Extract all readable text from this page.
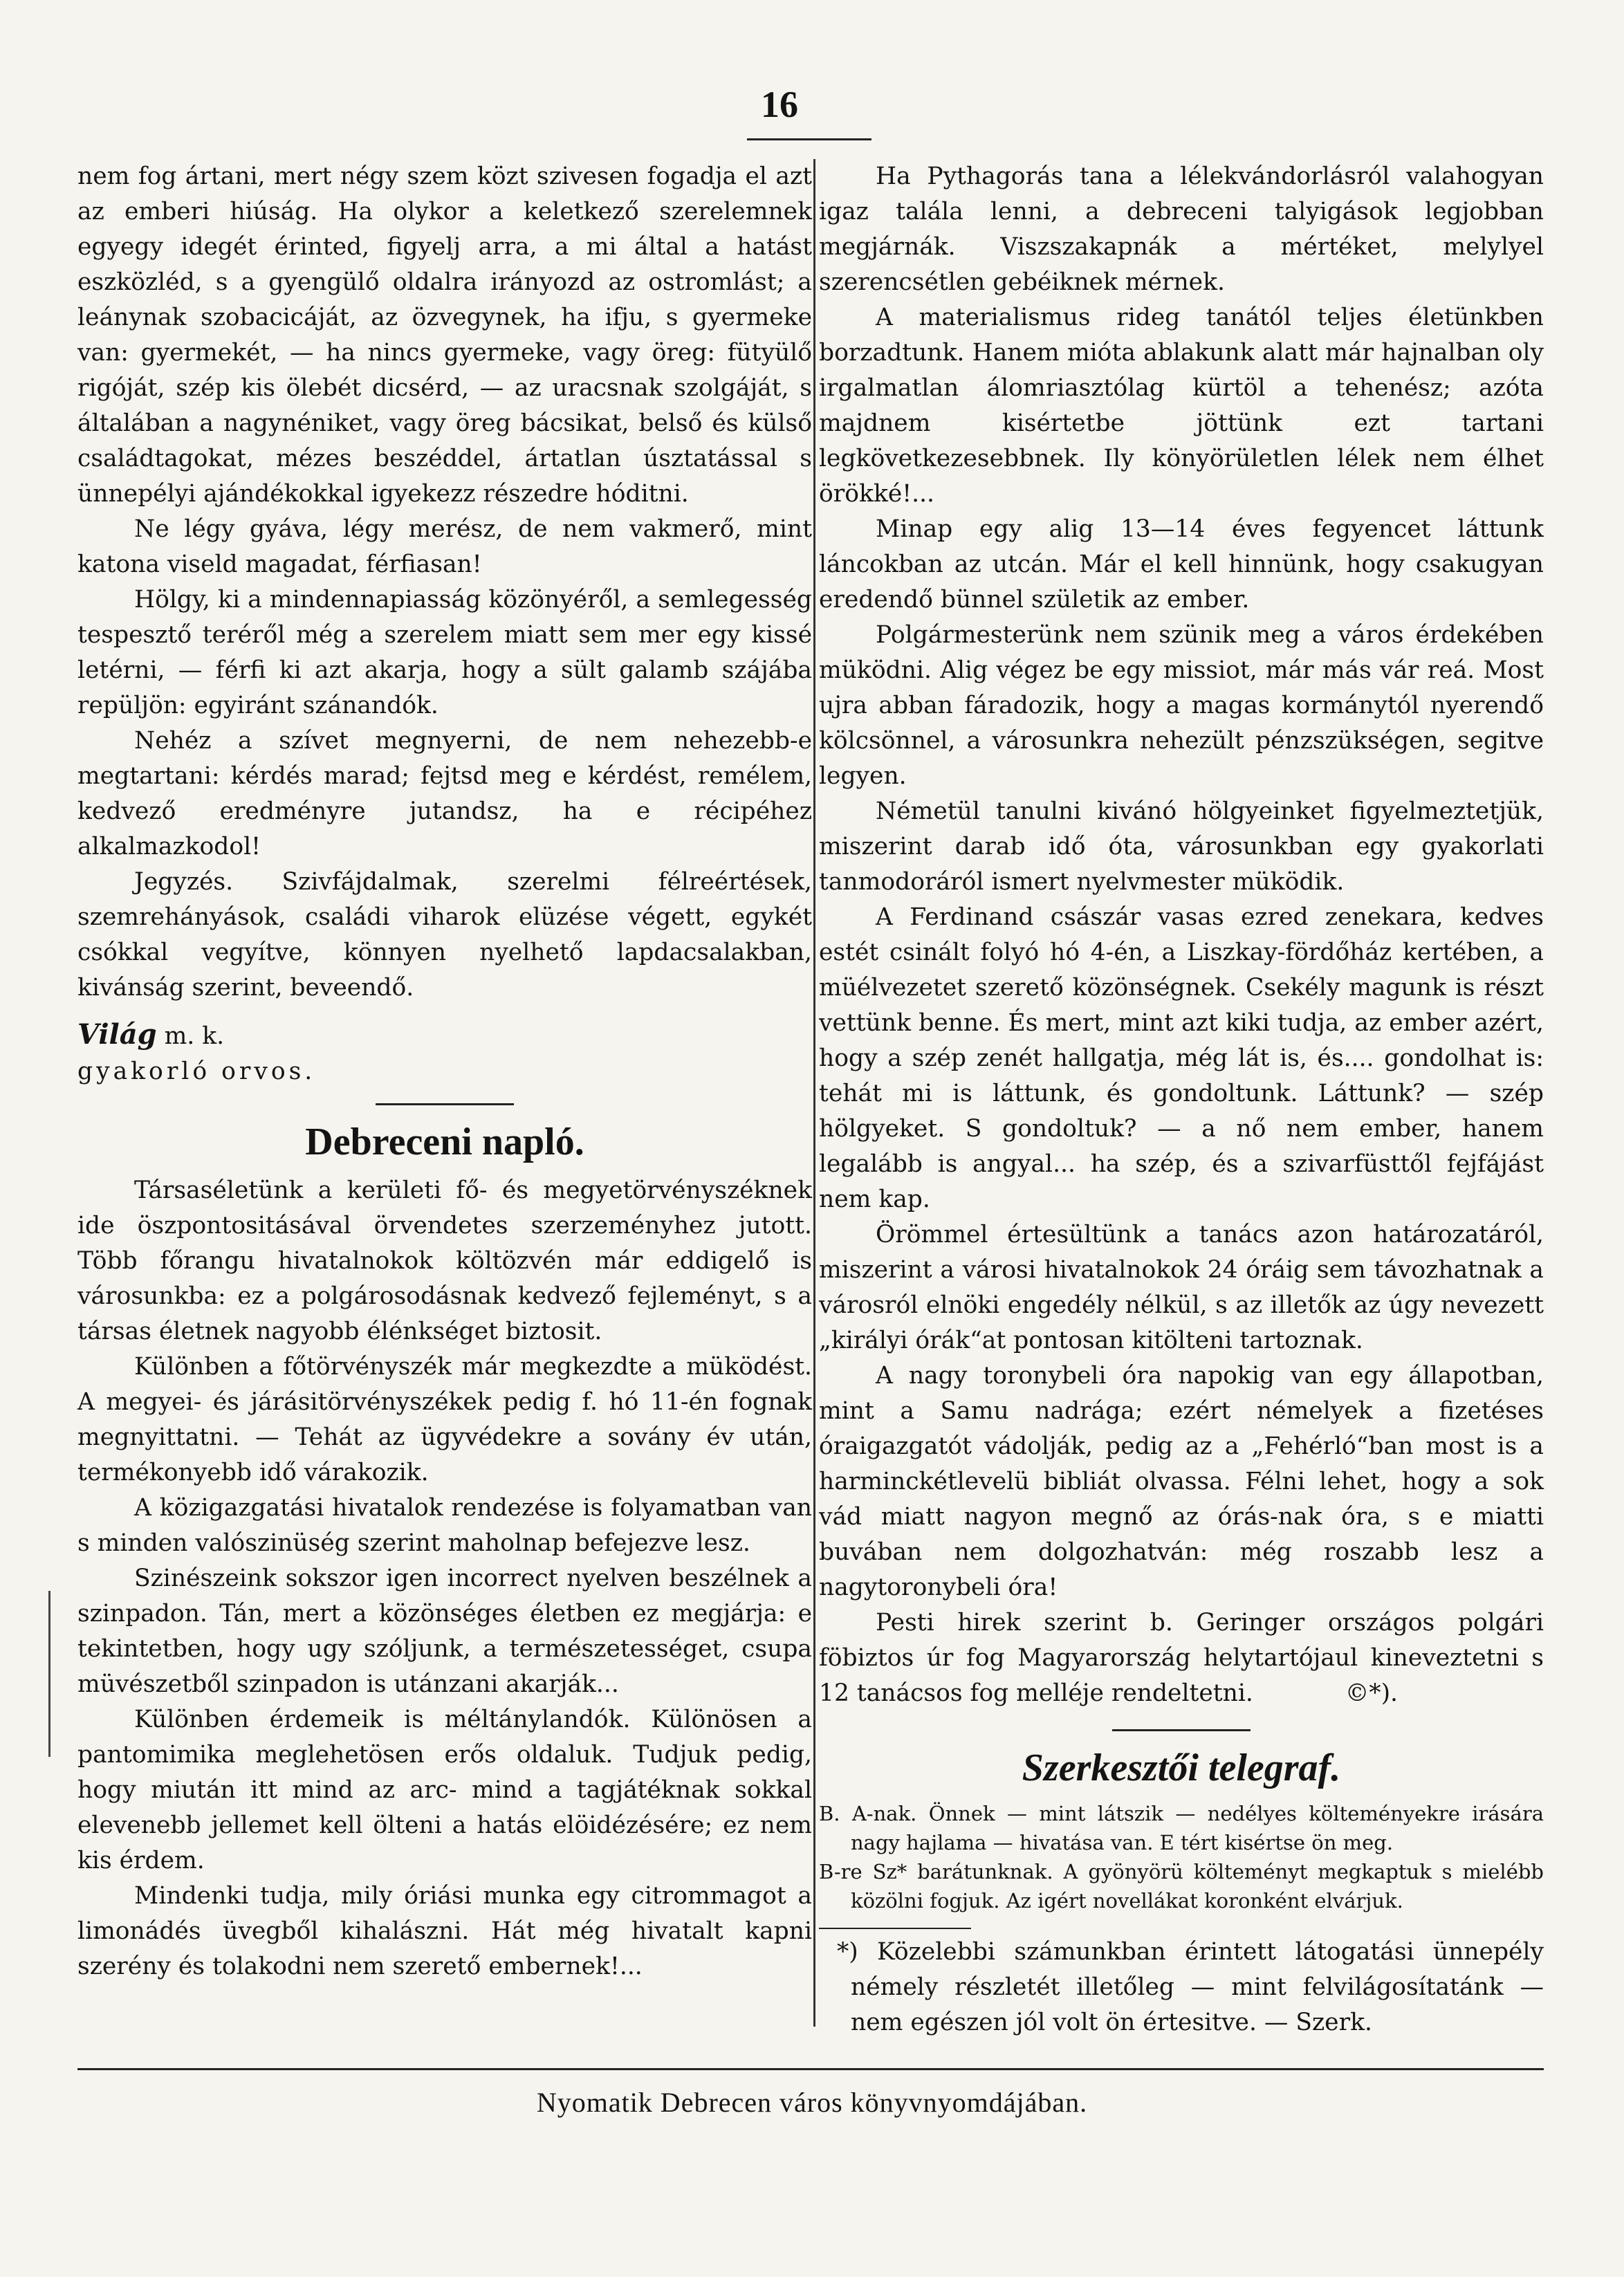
16

nem fog ártani, mert négy szem közt szivesen fogadja el azt az emberi hiúság. Ha olykor a keletkező szerelemnek egyegy idegét érinted, figyelj arra, a mi által a hatást eszközléd, s a gyengülő oldalra irányozd az ostromlást; a leánynak szobacicáját, az özvegynek, ha ifju, s gyermeke van: gyermekét, — ha nincs gyermeke, vagy öreg: fütyülő rigóját, szép kis ölebét dicsérd, — az uracsnak szolgáját, s általában a nagynéniket, vagy öreg bácsikat, belső és külső családtagokat, mézes beszéddel, ártatlan úsztatással s ünnepélyi ajándékokkal igyekezz részedre hóditni.

Ne légy gyáva, légy merész, de nem vakmerő, mint katona viseld magadat, férfiasan!

Hölgy, ki a mindennapiasság közönyéről, a semlegesség tespesztő teréről még a szerelem miatt sem mer egy kissé letérni, — férfi ki azt akarja, hogy a sült galamb szájába repüljön: egyiránt szánandók.

Nehéz a szívet megnyerni, de nem nehezebb-e megtartani: kérdés marad; fejtsd meg e kérdést, remélem, kedvező eredményre jutandsz, ha e récipéhez alkalmazkodol!

Jegyzés. Szivfájdalmak, szerelmi félreértések, szemrehányások, családi viharok elüzése végett, egykét csókkal vegyítve, könnyen nyelhető lapdacsalakban, kivánság szerint, beveendő.

Világ m. k.

gyakorló orvos.

Debreceni napló.

Társaséletünk a kerületi fő- és megyetörvényszéknek ide öszpontositásával örvendetes szerzeményhez jutott. Több főrangu hivatalnokok költözvén már eddigelő is városunkba: ez a polgárosodásnak kedvező fejleményt, s a társas életnek nagyobb élénkséget biztosit.

Különben a főtörvényszék már megkezdte a müködést. A megyei- és járásitörvényszékek pedig f. hó 11-én fognak megnyittatni. — Tehát az ügyvédekre a sovány év után, termékonyebb idő várakozik.

A közigazgatási hivatalok rendezése is folyamatban van s minden valószinüség szerint maholnap befejezve lesz.

Szinészeink sokszor igen incorrect nyelven beszélnek a szinpadon. Tán, mert a közönséges életben ez megjárja: e tekintetben, hogy ugy szóljunk, a természetességet, csupa müvészetből szinpadon is utánzani akarják...

Különben érdemeik is méltánylandók. Különösen a pantomimika meglehetösen erős oldaluk. Tudjuk pedig, hogy miután itt mind az arc- mind a tagjátéknak sokkal elevenebb jellemet kell ölteni a hatás elöidézésére; ez nem kis érdem.

Mindenki tudja, mily óriási munka egy citrommagot a limonádés üvegből kihalászni. Hát még hivatalt kapni szerény és tolakodni nem szerető embernek!...

Ha Pythagorás tana a lélekvándorlásról valahogyan igaz talála lenni, a debreceni talyigások legjobban megjárnák. Viszszakapnák a mértéket, melylyel szerencsétlen gebéiknek mérnek.

A materialismus rideg tanától teljes életünkben borzadtunk. Hanem mióta ablakunk alatt már hajnalban oly irgalmatlan álomriasztólag kürtöl a tehenész; azóta majdnem kisértetbe jöttünk ezt tartani legkövetkezesebbnek. Ily könyörületlen lélek nem élhet örökké!...

Minap egy alig 13—14 éves fegyencet láttunk láncokban az utcán. Már el kell hinnünk, hogy csakugyan eredendő bünnel születik az ember.

Polgármesterünk nem szünik meg a város érdekében müködni. Alig végez be egy missiot, már más vár reá. Most ujra abban fáradozik, hogy a magas kormánytól nyerendő kölcsönnel, a városunkra nehezült pénzszükségen, segitve legyen.

Németül tanulni kivánó hölgyeinket figyelmeztetjük, miszerint darab idő óta, városunkban egy gyakorlati tanmodoráról ismert nyelvmester müködik.

A Ferdinand császár vasas ezred zenekara, kedves estét csinált folyó hó 4-én, a Liszkay-fördőház kertében, a müélvezetet szerető közönségnek. Csekély magunk is részt vettünk benne. És mert, mint azt kiki tudja, az ember azért, hogy a szép zenét hallgatja, még lát is, és.... gondolhat is: tehát mi is láttunk, és gondoltunk. Láttunk? — szép hölgyeket. S gondoltuk? — a nő nem ember, hanem legalább is angyal... ha szép, és a szivarfüsttől fejfájást nem kap.

Örömmel értesültünk a tanács azon határozatáról, miszerint a városi hivatalnokok 24 óráig sem távozhatnak a városról elnöki engedély nélkül, s az illetők az úgy nevezett „királyi órák“at pontosan kitölteni tartoznak.

A nagy toronybeli óra napokig van egy állapotban, mint a Samu nadrága; ezért némelyek a fizetéses óraigazgatót vádolják, pedig az a „Fehérló“ban most is a harminckétlevelü bibliát olvassa. Félni lehet, hogy a sok vád miatt nagyon megnő az órás-nak óra, s e miatti buvában nem dolgozhatván: még roszabb lesz a nagytoronybeli óra!

Pesti hirek szerint b. Geringer országos polgári föbiztos úr fog Magyarország helytartójaul kineveztetni s 12 tanácsos fog melléje rendeltetni.	©*).

Szerkesztői telegraf.

B. A-nak. Önnek — mint látszik — nedélyes költeményekre irására nagy hajlama — hivatása van. E tért kisértse ön meg.

B-re Sz* barátunknak. A gyönyörü költeményt megkaptuk s mielébb közölni fogjuk. Az igért novellákat koronként elvárjuk.

*) Közelebbi számunkban érintett látogatási ünnepély némely részletét illetőleg — mint felvilágosítatánk — nem egészen jól volt ön értesitve. — Szerk.

Nyomatik Debrecen város könyvnyomdájában.
